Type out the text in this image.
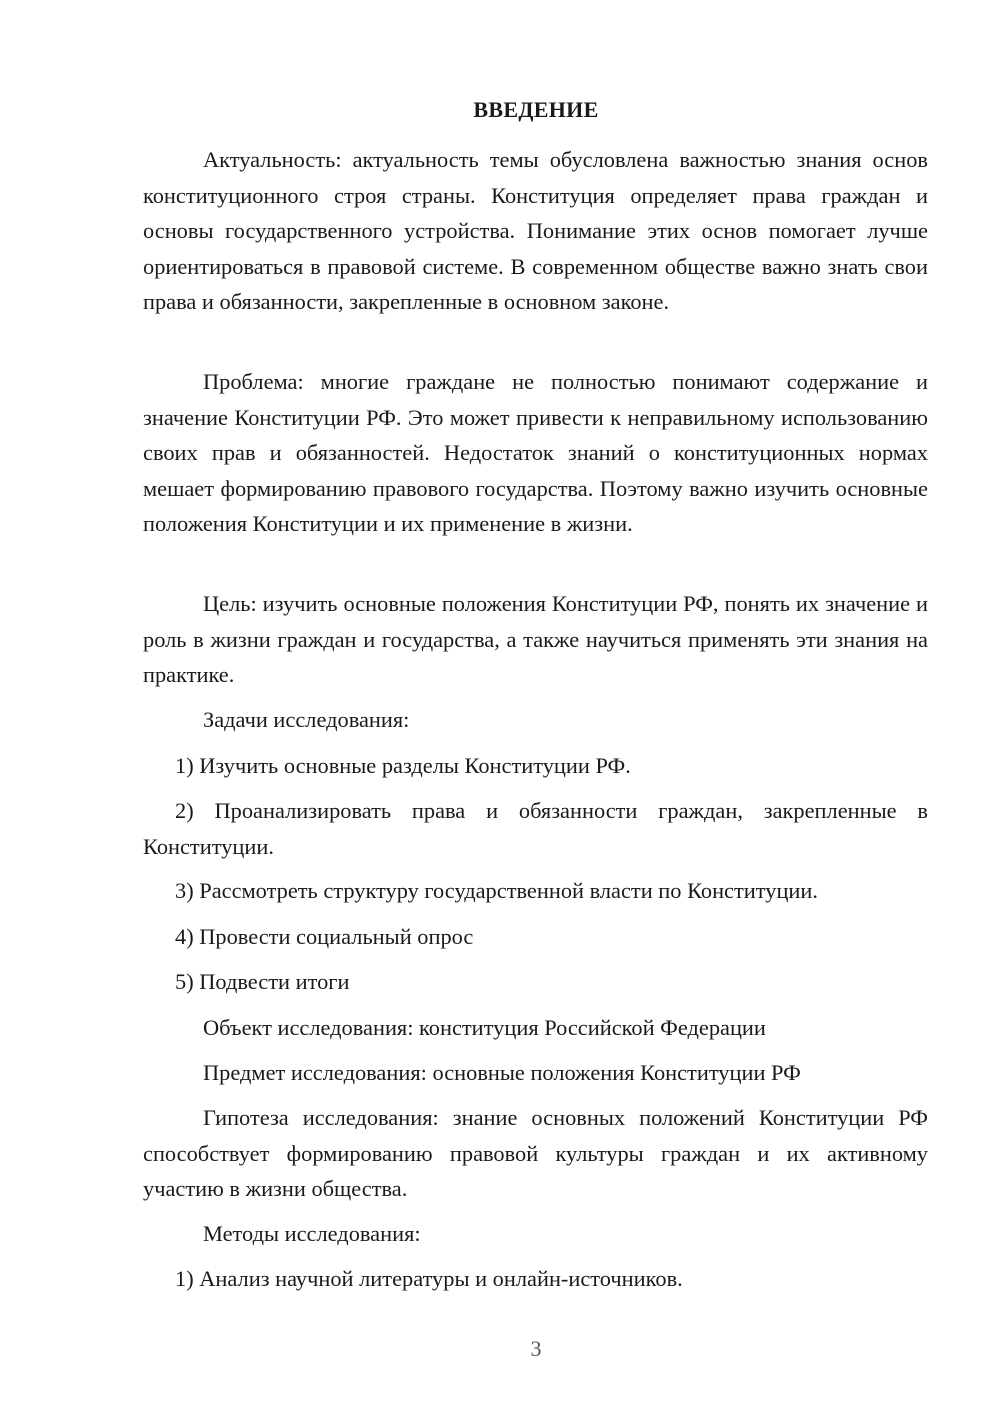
ВВЕДЕНИЕ

Актуальность: актуальность темы обусловлена важностью знания основ конституционного строя страны. Конституция определяет права граждан и основы государственного устройства. Понимание этих основ помогает лучше ориентироваться в правовой системе. В современном обществе важно знать свои права и обязанности, закрепленные в основном законе.

Проблема: многие граждане не полностью понимают содержание и значение Конституции РФ. Это может привести к неправильному использованию своих прав и обязанностей. Недостаток знаний о конституционных нормах мешает формированию правового государства. Поэтому важно изучить основные положения Конституции и их применение в жизни.

Цель: изучить основные положения Конституции РФ, понять их значение и роль в жизни граждан и государства, а также научиться применять эти знания на практике.

Задачи исследования:

1) Изучить основные разделы Конституции РФ.

2) Проанализировать права и обязанности граждан, закрепленные в Конституции.

3) Рассмотреть структуру государственной власти по Конституции.

4) Провести социальный опрос

5) Подвести итоги

Объект исследования: конституция Российской Федерации

Предмет исследования: основные положения Конституции РФ

Гипотеза исследования: знание основных положений Конституции РФ способствует формированию правовой культуры граждан и их активному участию в жизни общества.

Методы исследования:

1) Анализ научной литературы и онлайн-источников.

3
